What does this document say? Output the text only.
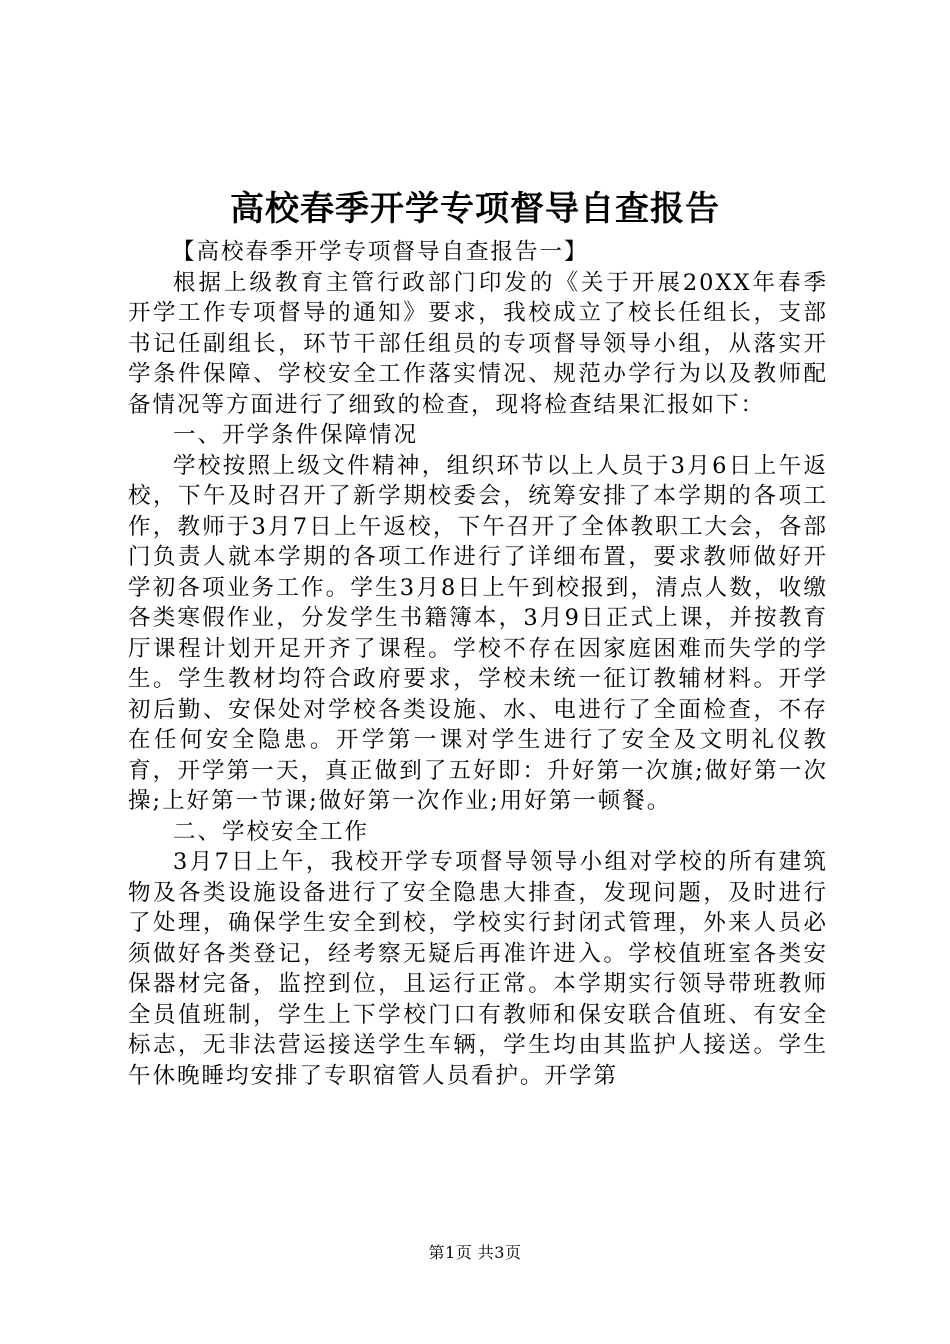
高校春季开学专项督导自查报告

【高校春季开学专项督导自查报告一】

根据上级教育主管行政部门印发的《关于开展20XX年春季开学工作专项督导的通知》要求，我校成立了校长任组长，支部书记任副组长，环节干部任组员的专项督导领导小组，从落实开学条件保障、学校安全工作落实情况、规范办学行为以及教师配备情况等方面进行了细致的检查，现将检查结果汇报如下：

一、开学条件保障情况

学校按照上级文件精神，组织环节以上人员于3月6日上午返校，下午及时召开了新学期校委会，统筹安排了本学期的各项工作，教师于3月7日上午返校，下午召开了全体教职工大会，各部门负责人就本学期的各项工作进行了详细布置，要求教师做好开学初各项业务工作。学生3月8日上午到校报到，清点人数，收缴各类寒假作业，分发学生书籍簿本，3月9日正式上课，并按教育厅课程计划开足开齐了课程。学校不存在因家庭困难而失学的学生。学生教材均符合政府要求，学校未统一征订教辅材料。开学初后勤、安保处对学校各类设施、水、电进行了全面检查，不存在任何安全隐患。开学第一课对学生进行了安全及文明礼仪教育，开学第一天，真正做到了五好即：升好第一次旗;做好第一次操;上好第一节课;做好第一次作业;用好第一顿餐。

二、学校安全工作

3月7日上午，我校开学专项督导领导小组对学校的所有建筑物及各类设施设备进行了安全隐患大排查，发现问题，及时进行了处理，确保学生安全到校，学校实行封闭式管理，外来人员必须做好各类登记，经考察无疑后再准许进入。学校值班室各类安保器材完备，监控到位，且运行正常。本学期实行领导带班教师全员值班制，学生上下学校门口有教师和保安联合值班、有安全标志，无非法营运接送学生车辆，学生均由其监护人接送。学生午休晚睡均安排了专职宿管人员看护。开学第

第1页 共3页
